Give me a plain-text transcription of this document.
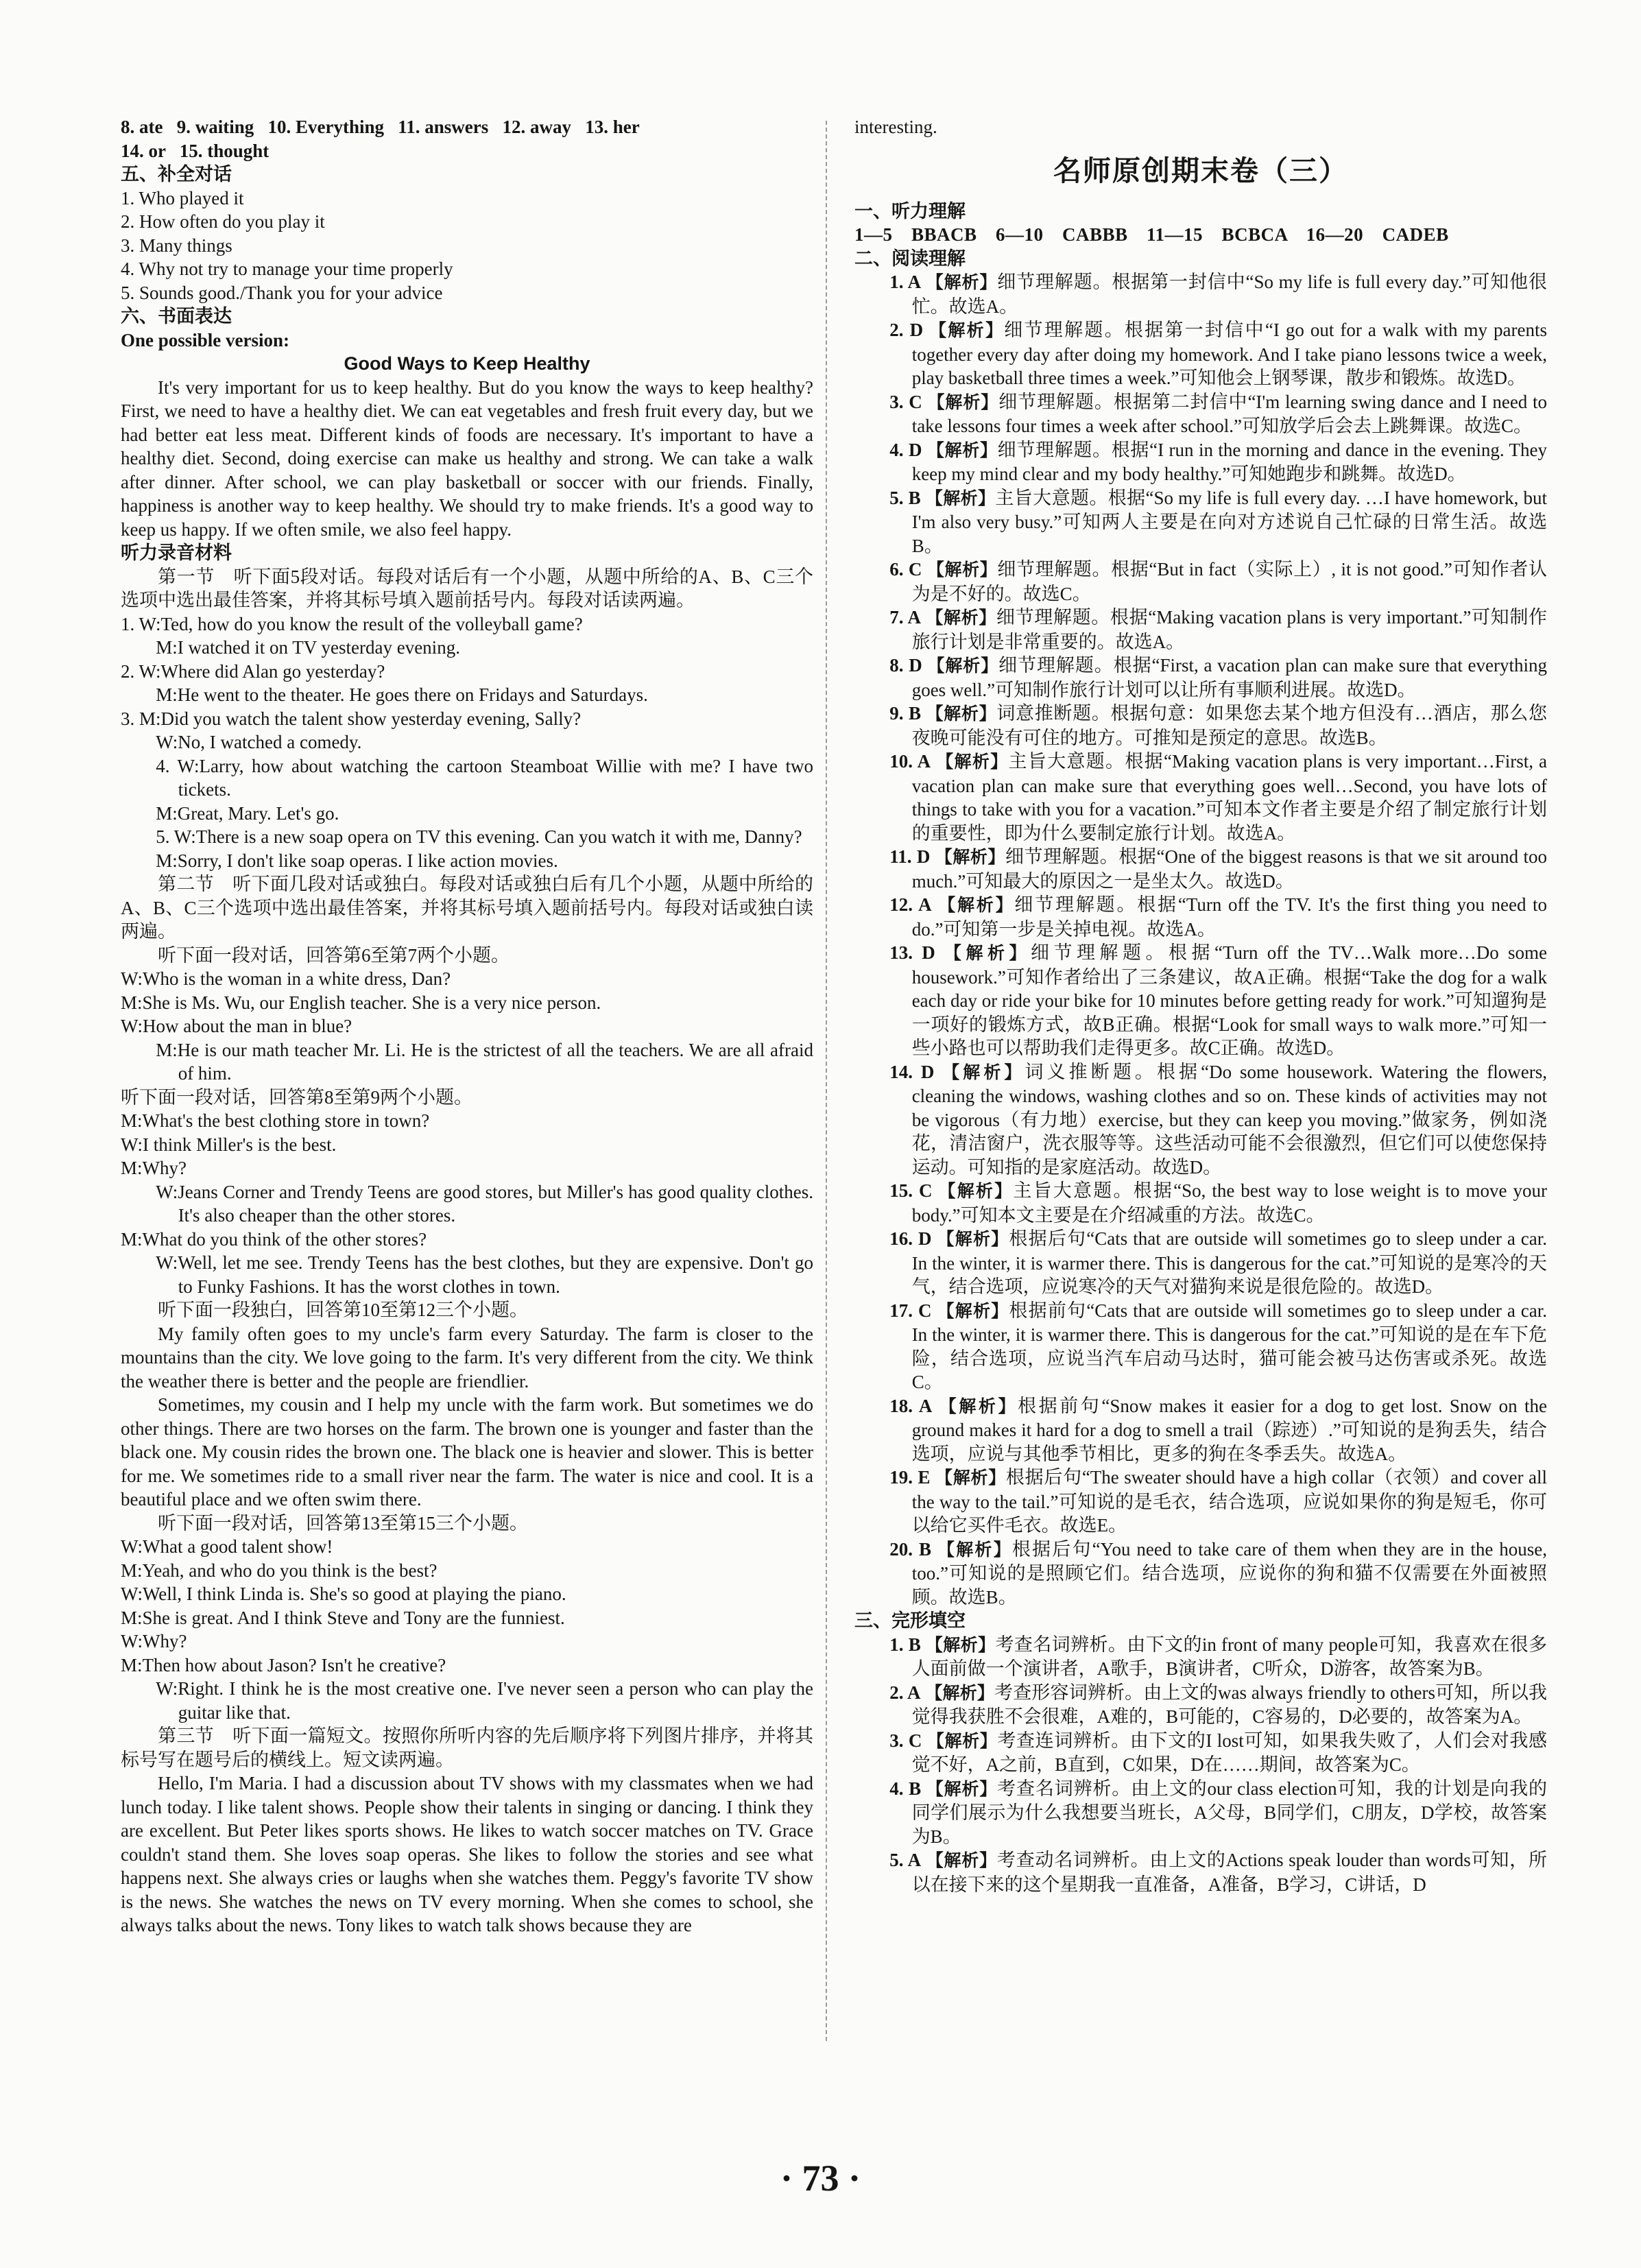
8. ate   9. waiting   10. Everything   11. answers   12. away   13. her
14. or   15. thought
五、补全对话
1. Who played it
2. How often do you play it
3. Many things
4. Why not try to manage your time properly
5. Sounds good./Thank you for your advice
六、书面表达
One possible version:
Good Ways to Keep Healthy
It's very important for us to keep healthy. But do you know the ways to keep healthy? First, we need to have a healthy diet. We can eat vegetables and fresh fruit every day, but we had better eat less meat. Different kinds of foods are necessary. It's important to have a healthy diet. Second, doing exercise can make us healthy and strong. We can take a walk after dinner. After school, we can play basketball or soccer with our friends. Finally, happiness is another way to keep healthy. We should try to make friends. It's a good way to keep us happy. If we often smile, we also feel happy.
听力录音材料
第一节　听下面5段对话。每段对话后有一个小题，从题中所给的A、B、C三个选项中选出最佳答案，并将其标号填入题前括号内。每段对话读两遍。
1. W:Ted, how do you know the result of the volleyball game?
M:I watched it on TV yesterday evening.
2. W:Where did Alan go yesterday?
M:He went to the theater. He goes there on Fridays and Saturdays.
3. M:Did you watch the talent show yesterday evening, Sally?
W:No, I watched a comedy.
4. W:Larry, how about watching the cartoon Steamboat Willie with me? I have two tickets.
M:Great, Mary. Let's go.
5. W:There is a new soap opera on TV this evening. Can you watch it with me, Danny?
M:Sorry, I don't like soap operas. I like action movies.
第二节　听下面几段对话或独白。每段对话或独白后有几个小题，从题中所给的A、B、C三个选项中选出最佳答案，并将其标号填入题前括号内。每段对话或独白读两遍。
听下面一段对话，回答第6至第7两个小题。
W:Who is the woman in a white dress, Dan?
M:She is Ms. Wu, our English teacher. She is a very nice person.
W:How about the man in blue?
M:He is our math teacher Mr. Li. He is the strictest of all the teachers. We are all afraid of him.
听下面一段对话，回答第8至第9两个小题。
M:What's the best clothing store in town?
W:I think Miller's is the best.
M:Why?
W:Jeans Corner and Trendy Teens are good stores, but Miller's has good quality clothes. It's also cheaper than the other stores.
M:What do you think of the other stores?
W:Well, let me see. Trendy Teens has the best clothes, but they are expensive. Don't go to Funky Fashions. It has the worst clothes in town.
听下面一段独白，回答第10至第12三个小题。
My family often goes to my uncle's farm every Saturday. The farm is closer to the mountains than the city. We love going to the farm. It's very different from the city. We think the weather there is better and the people are friendlier.
Sometimes, my cousin and I help my uncle with the farm work. But sometimes we do other things. There are two horses on the farm. The brown one is younger and faster than the black one. My cousin rides the brown one. The black one is heavier and slower. This is better for me. We sometimes ride to a small river near the farm. The water is nice and cool. It is a beautiful place and we often swim there.
听下面一段对话，回答第13至第15三个小题。
W:What a good talent show!
M:Yeah, and who do you think is the best?
W:Well, I think Linda is. She's so good at playing the piano.
M:She is great. And I think Steve and Tony are the funniest.
W:Why?
M:Then how about Jason? Isn't he creative?
W:Right. I think he is the most creative one. I've never seen a person who can play the guitar like that.
第三节　听下面一篇短文。按照你所听内容的先后顺序将下列图片排序，并将其标号写在题号后的横线上。短文读两遍。
Hello, I'm Maria. I had a discussion about TV shows with my classmates when we had lunch today. I like talent shows. People show their talents in singing or dancing. I think they are excellent. But Peter likes sports shows. He likes to watch soccer matches on TV. Grace couldn't stand them. She loves soap operas. She likes to follow the stories and see what happens next. She always cries or laughs when she watches them. Peggy's favorite TV show is the news. She watches the news on TV every morning. When she comes to school, she always talks about the news. Tony likes to watch talk shows because they are
interesting.
名师原创期末卷（三）
一、听力理解
1—5　BBACB　6—10　CABBB　11—15　BCBCA　16—20　CADEB
二、阅读理解
1. A 【解析】细节理解题。根据第一封信中“So my life is full every day.”可知他很忙。故选A。
2. D 【解析】细节理解题。根据第一封信中“I go out for a walk with my parents together every day after doing my homework. And I take piano lessons twice a week, play basketball three times a week.”可知他会上钢琴课，散步和锻炼。故选D。
3. C 【解析】细节理解题。根据第二封信中“I'm learning swing dance and I need to take lessons four times a week after school.”可知放学后会去上跳舞课。故选C。
4. D 【解析】细节理解题。根据“I run in the morning and dance in the evening. They keep my mind clear and my body healthy.”可知她跑步和跳舞。故选D。
5. B 【解析】主旨大意题。根据“So my life is full every day. …I have homework, but I'm also very busy.”可知两人主要是在向对方述说自己忙碌的日常生活。故选B。
6. C 【解析】细节理解题。根据“But in fact（实际上）, it is not good.”可知作者认为是不好的。故选C。
7. A 【解析】细节理解题。根据“Making vacation plans is very important.”可知制作旅行计划是非常重要的。故选A。
8. D 【解析】细节理解题。根据“First, a vacation plan can make sure that everything goes well.”可知制作旅行计划可以让所有事顺利进展。故选D。
9. B 【解析】词意推断题。根据句意：如果您去某个地方但没有…酒店，那么您夜晚可能没有可住的地方。可推知是预定的意思。故选B。
10. A 【解析】主旨大意题。根据“Making vacation plans is very important…First, a vacation plan can make sure that everything goes well…Second, you have lots of things to take with you for a vacation.”可知本文作者主要是介绍了制定旅行计划的重要性，即为什么要制定旅行计划。故选A。
11. D 【解析】细节理解题。根据“One of the biggest reasons is that we sit around too much.”可知最大的原因之一是坐太久。故选D。
12. A 【解析】细节理解题。根据“Turn off the TV. It's the first thing you need to do.”可知第一步是关掉电视。故选A。
13. D 【解析】细节理解题。根据“Turn off the TV…Walk more…Do some housework.”可知作者给出了三条建议，故A正确。根据“Take the dog for a walk each day or ride your bike for 10 minutes before getting ready for work.”可知遛狗是一项好的锻炼方式，故B正确。根据“Look for small ways to walk more.”可知一些小路也可以帮助我们走得更多。故C正确。故选D。
14. D 【解析】词义推断题。根据“Do some housework. Watering the flowers, cleaning the windows, washing clothes and so on. These kinds of activities may not be vigorous（有力地）exercise, but they can keep you moving.”做家务，例如浇花，清洁窗户，洗衣服等等。这些活动可能不会很激烈，但它们可以使您保持运动。可知指的是家庭活动。故选D。
15. C 【解析】主旨大意题。根据“So, the best way to lose weight is to move your body.”可知本文主要是在介绍减重的方法。故选C。
16. D 【解析】根据后句“Cats that are outside will sometimes go to sleep under a car. In the winter, it is warmer there. This is dangerous for the cat.”可知说的是寒冷的天气，结合选项，应说寒冷的天气对猫狗来说是很危险的。故选D。
17. C 【解析】根据前句“Cats that are outside will sometimes go to sleep under a car. In the winter, it is warmer there. This is dangerous for the cat.”可知说的是在车下危险，结合选项，应说当汽车启动马达时，猫可能会被马达伤害或杀死。故选C。
18. A 【解析】根据前句“Snow makes it easier for a dog to get lost. Snow on the ground makes it hard for a dog to smell a trail（踪迹）.”可知说的是狗丢失，结合选项，应说与其他季节相比，更多的狗在冬季丢失。故选A。
19. E 【解析】根据后句“The sweater should have a high collar（衣领）and cover all the way to the tail.”可知说的是毛衣，结合选项，应说如果你的狗是短毛，你可以给它买件毛衣。故选E。
20. B 【解析】根据后句“You need to take care of them when they are in the house, too.”可知说的是照顾它们。结合选项，应说你的狗和猫不仅需要在外面被照顾。故选B。
三、完形填空
1. B 【解析】考查名词辨析。由下文的in front of many people可知，我喜欢在很多人面前做一个演讲者，A歌手，B演讲者，C听众，D游客，故答案为B。
2. A 【解析】考查形容词辨析。由上文的was always friendly to others可知，所以我觉得我获胜不会很难，A难的，B可能的，C容易的，D必要的，故答案为A。
3. C 【解析】考查连词辨析。由下文的I lost可知，如果我失败了，人们会对我感觉不好，A之前，B直到，C如果，D在……期间，故答案为C。
4. B 【解析】考查名词辨析。由上文的our class election可知，我的计划是向我的同学们展示为什么我想要当班长，A父母，B同学们，C朋友，D学校，故答案为B。
5. A 【解析】考查动名词辨析。由上文的Actions speak louder than words可知，所以在接下来的这个星期我一直准备，A准备，B学习，C讲话，D
· 73 ·
